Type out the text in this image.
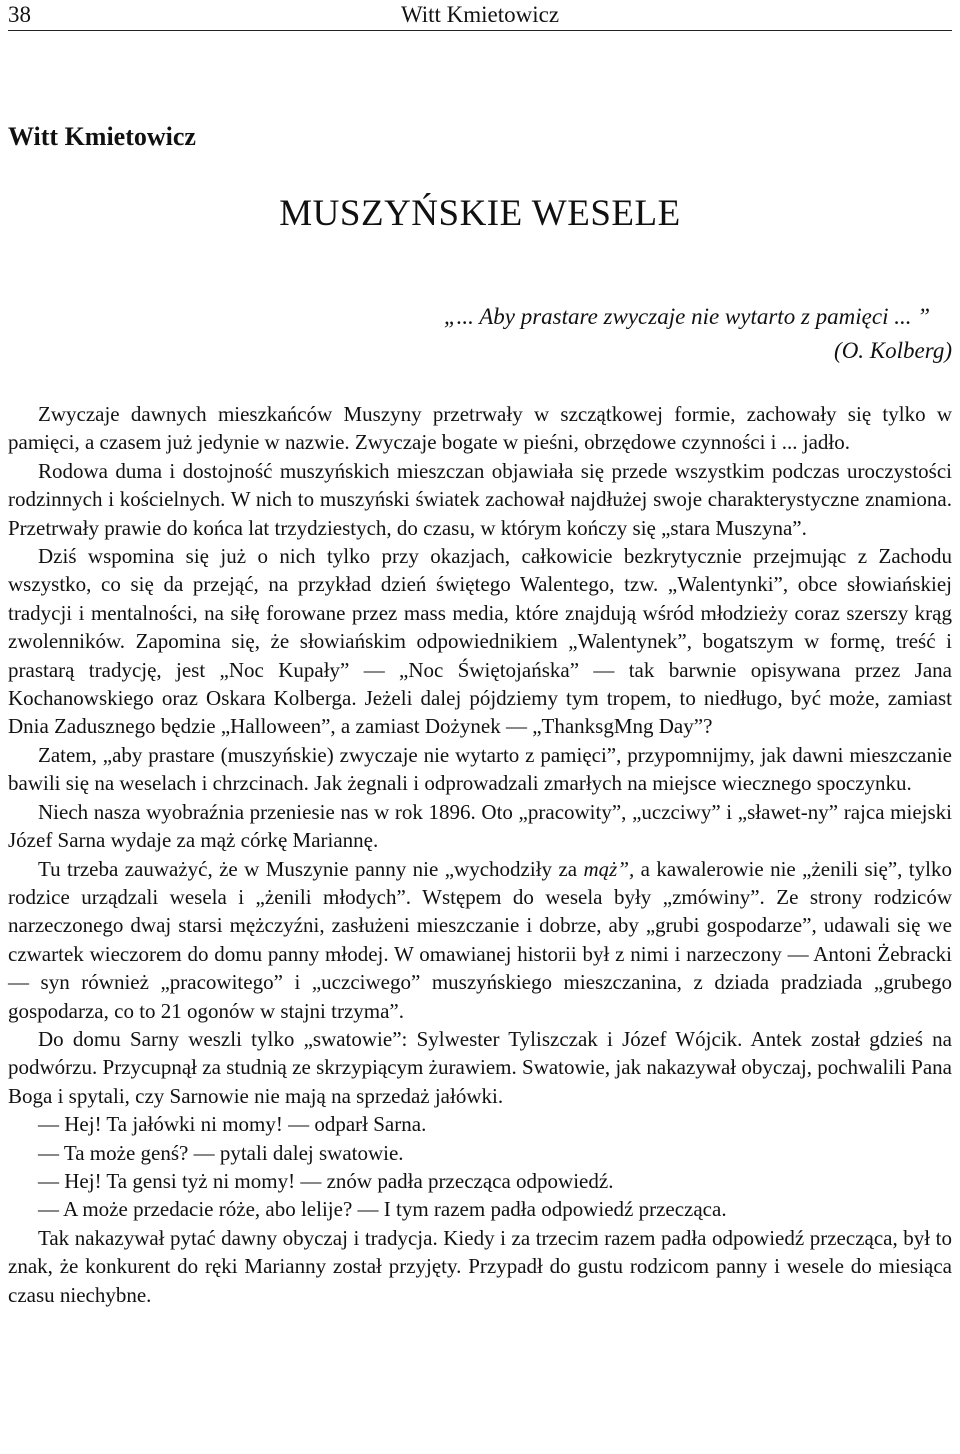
38	Witt Kmietowicz
Witt Kmietowicz
MUSZYŃSKIE WESELE
„... Aby prastare zwyczaje nie wytarto z pamięci ... ”
(O. Kolberg)

Zwyczaje dawnych mieszkańców Muszyny przetrwały w szczątkowej formie, zachowały się tylko w pamięci, a czasem już jedynie w nazwie. Zwyczaje bogate w pieśni, obrzędowe czynności i ... jadło.

Rodowa duma i dostojność muszyńskich mieszczan objawiała się przede wszystkim podczas uroczystości rodzinnych i kościelnych. W nich to muszyński światek zachował najdłużej swoje charakterystyczne znamiona. Przetrwały prawie do końca lat trzydziestych, do czasu, w którym kończy się „stara Muszyna”.

Dziś wspomina się już o nich tylko przy okazjach, całkowicie bezkrytycznie przejmując z Zachodu wszystko, co się da przejąć, na przykład dzień świętego Walentego, tzw. „Walentynki”, obce słowiańskiej tradycji i mentalności, na siłę forowane przez mass media, które znajdują wśród młodzieży coraz szerszy krąg zwolenników. Zapomina się, że słowiańskim odpowiednikiem „Walentynek”, bogatszym w formę, treść i prastarą tradycję, jest „Noc Kupały” — „Noc Świętojańska” — tak barwnie opisywana przez Jana Kochanowskiego oraz Oskara Kolberga. Jeżeli dalej pójdziemy tym tropem, to niedługo, być może, zamiast Dnia Zadusznego będzie „Halloween”, a zamiast Dożynek — „ThanksgMng Day”?

Zatem, „aby prastare (muszyńskie) zwyczaje nie wytarto z pamięci”, przypomnijmy, jak dawni mieszczanie bawili się na weselach i chrzcinach. Jak żegnali i odprowadzali zmarłych na miejsce wiecznego spoczynku.

Niech nasza wyobraźnia przeniesie nas w rok 1896. Oto „pracowity”, „uczciwy” i „sławet-ny” rajca miejski Józef Sarna wydaje za mąż córkę Mariannę.

Tu trzeba zauważyć, że w Muszynie panny nie „wychodziły za mąż”, a kawalerowie nie „żenili się”, tylko rodzice urządzali wesela i „żenili młodych”. Wstępem do wesela były „zmówiny”. Ze strony rodziców narzeczonego dwaj starsi mężczyźni, zasłużeni mieszczanie i dobrze, aby „grubi gospodarze”, udawali się we czwartek wieczorem do domu panny młodej. W omawianej historii był z nimi i narzeczony — Antoni Żebracki — syn również „pracowitego” i „uczciwego” muszyńskiego mieszczanina, z dziada pradziada „grubego gospodarza, co to 21 ogonów w stajni trzyma”.

Do domu Sarny weszli tylko „swatowie”: Sylwester Tyliszczak i Józef Wójcik. Antek został gdzieś na podwórzu. Przycupnął za studnią ze skrzypiącym żurawiem. Swatowie, jak nakazywał obyczaj, pochwalili Pana Boga i spytali, czy Sarnowie nie mają na sprzedaż jałówki.

— Hej! Ta jałówki ni momy! — odparł Sarna.

— Ta może genś? — pytali dalej swatowie.

— Hej! Ta gensi tyż ni momy! — znów padła przecząca odpowiedź.

— A może przedacie róże, abo lelije? — I tym razem padła odpowiedź przecząca.

Tak nakazywał pytać dawny obyczaj i tradycja. Kiedy i za trzecim razem padła odpowiedź przecząca, był to znak, że konkurent do ręki Marianny został przyjęty. Przypadł do gustu rodzicom panny i wesele do miesiąca czasu niechybne.
